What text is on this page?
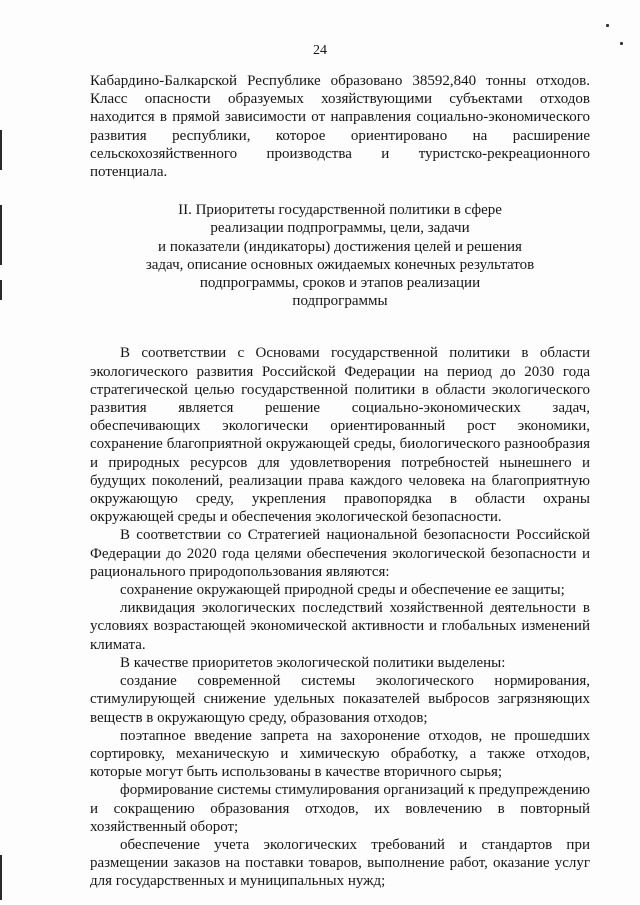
24

Кабардино-Балкарской Республике образовано 38592,840 тонны отходов. Класс опасности образуемых хозяйствующими субъектами отходов находится в прямой зависимости от направления социально-экономического развития республики, которое ориентировано на расширение сельскохозяйственного производства и туристско-рекреационного потенциала.

II. Приоритеты государственной политики в сфере
реализации подпрограммы, цели, задачи
и показатели (индикаторы) достижения целей и решения
задач, описание основных ожидаемых конечных результатов
подпрограммы, сроков и этапов реализации
подпрограммы

В соответствии с Основами государственной политики в области экологического развития Российской Федерации на период до 2030 года стратегической целью государственной политики в области экологического развития является решение социально-экономических задач, обеспечивающих экологически ориентированный рост экономики, сохранение благоприятной окружающей среды, биологического разнообразия и природных ресурсов для удовлетворения потребностей нынешнего и будущих поколений, реализации права каждого человека на благоприятную окружающую среду, укрепления правопорядка в области охраны окружающей среды и обеспечения экологической безопасности.

В соответствии со Стратегией национальной безопасности Российской Федерации до 2020 года целями обеспечения экологической безопасности и рационального природопользования являются:

сохранение окружающей природной среды и обеспечение ее защиты;

ликвидация экологических последствий хозяйственной деятельности в условиях возрастающей экономической активности и глобальных изменений климата.

В качестве приоритетов экологической политики выделены:

создание современной системы экологического нормирования, стимулирующей снижение удельных показателей выбросов загрязняющих веществ в окружающую среду, образования отходов;

поэтапное введение запрета на захоронение отходов, не прошедших сортировку, механическую и химическую обработку, а также отходов, которые могут быть использованы в качестве вторичного сырья;

формирование системы стимулирования организаций к предупреждению и сокращению образования отходов, их вовлечению в повторный хозяйственный оборот;

обеспечение учета экологических требований и стандартов при размещении заказов на поставки товаров, выполнение работ, оказание услуг для государственных и муниципальных нужд;
